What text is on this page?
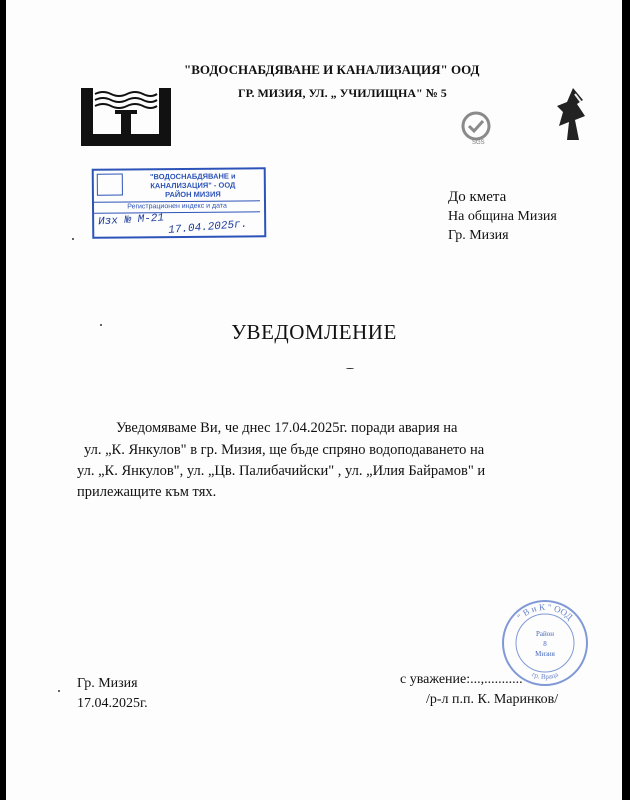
"ВОДОСНАБДЯВАНЕ И КАНАЛИЗАЦИЯ" ООД
ГР. МИЗИЯ, УЛ. „ УЧИЛИЩНА" № 5
SGS
"ВОДОСНАБДЯВАНЕ и
КАНАЛИЗАЦИЯ" - ООД
РАЙОН МИЗИЯ
Регистрационен индекс и дата
Изх № М-21 17.04.2025г.
До кмета
На община Мизия
Гр. Мизия
УВЕДОМЛЕНИЕ
Уведомяваме Ви, че днес 17.04.2025г. поради авария на
ул. „К. Янкулов" в гр. Мизия, ще бъде спряно водоподаването на
ул. „К. Янкулов", ул. „Цв. Палибачийски" , ул. „Илия Байрамов" и
прилежащите към тях.
Гр. Мизия
17.04.2025г.
с уважение:...,...........
/р-л п.п. К. Маринков/
" В и К " ООД
Район
8
Мизия
гр. Враца
